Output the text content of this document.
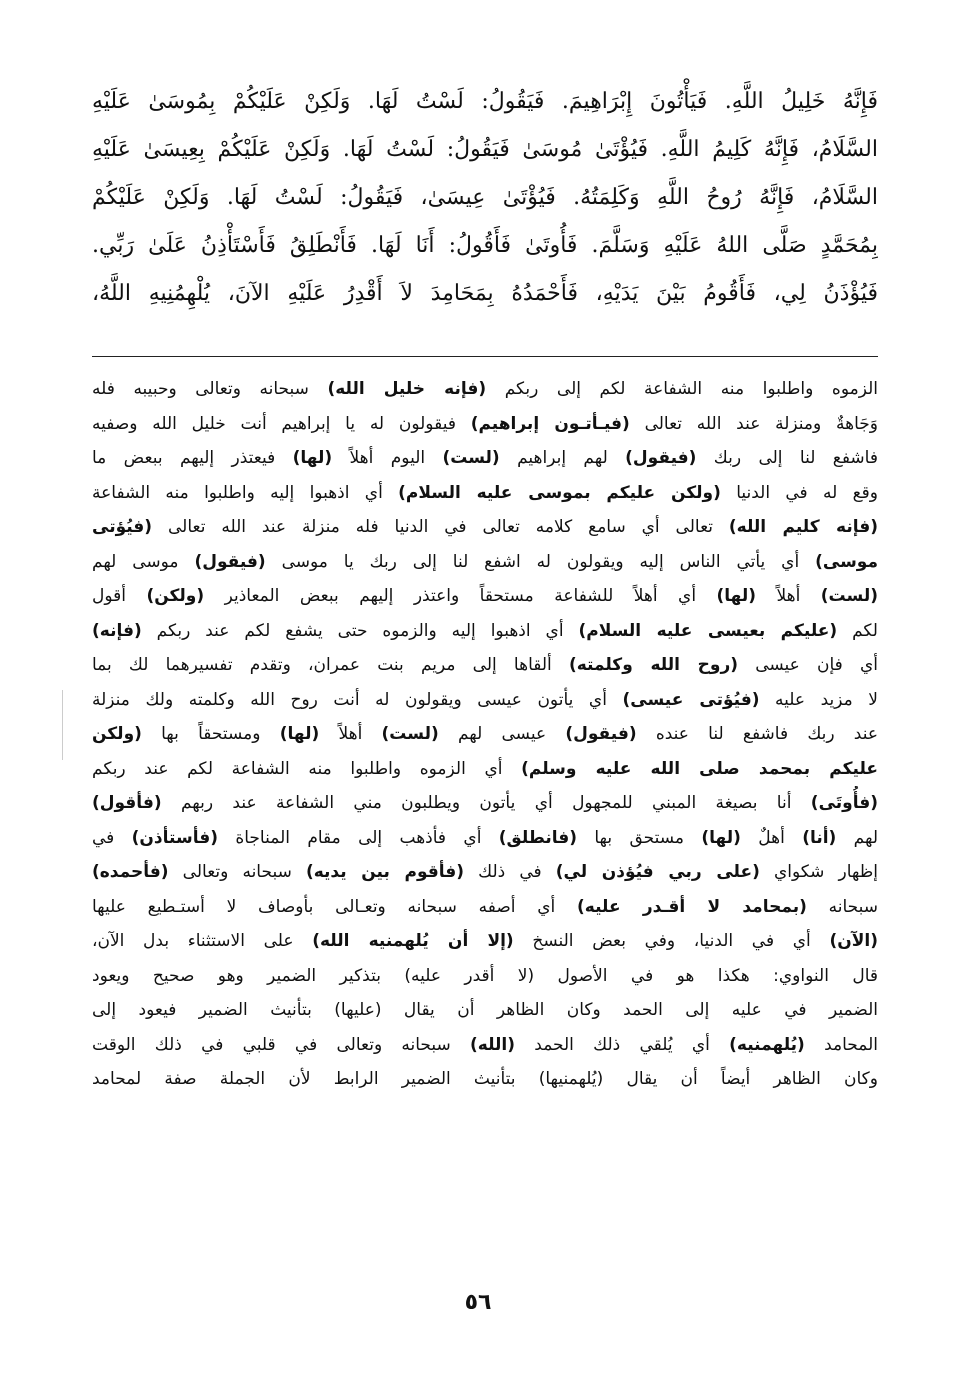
فَإِنَّهُ خَلِيلُ اللَّهِ. فَيَأْتُونَ إِبْرَاهِيمَ. فَيَقُولُ: لَسْتُ لَهَا. وَلَكِنْ عَلَيْكُمْ بِمُوسَىٰ عَلَيْهِ
السَّلَامُ، فَإِنَّهُ كَلِيمُ اللَّهِ. فَيُؤْتَىٰ مُوسَىٰ فَيَقُولُ: لَسْتُ لَهَا. وَلَكِنْ عَلَيْكُمْ بِعِيسَىٰ عَلَيْهِ
السَّلَامُ، فَإِنَّهُ رُوحُ اللَّهِ وَكَلِمَتُهُ. فَيُؤْتَىٰ عِيسَىٰ، فَيَقُولُ: لَسْتُ لَهَا. وَلَكِنْ عَلَيْكُمْ
بِمُحَمَّدٍ صَلَّى اللهُ عَلَيْهِ وَسَلَّمَ. فَأُوتَىٰ فَأَقُولُ: أَنَا لَهَا. فَأَنْطَلِقُ فَأَسْتَأْذِنُ عَلَىٰ رَبِّي.
فَيُؤْذَنُ لِي، فَأَقُومُ بَيْنَ يَدَيْهِ، فَأَحْمَدُهُ بِمَحَامِدَ لاَ أَقْدِرُ عَلَيْهِ الآنَ، يُلْهِمُنِيهِ اللَّهُ،
الزموه واطلبوا منه الشفاعة لكم إلى ربكم (فإنه خليل الله) سبحانه وتعالى وحبيبه فله
وَجَاهةٌ ومنزلة عند الله تعالى (فيـأتـون إبراهيم) فيقولون له يا إبراهيم أنت خليل الله وصفيه
فاشفع لنا إلى ربك (فيقول) لهم إبراهيم (لست) اليوم أهلاً (لها) فيعتذر إليهم ببعض ما
وقع له في الدنيا (ولكن عليكم بموسى عليه السلام) أي اذهبوا إليه واطلبوا منه الشفاعة
(فإنه كليم الله) تعالى أي سامع كلامه تعالى في الدنيا فله منزلة عند الله تعالى (فيُؤتى
موسى) أي يأتي الناس إليه ويقولون له اشفع لنا إلى ربك يا موسى (فيقول) موسى لهم
(لست) أهلاً (لها) أي أهلاً للشفاعة مستحقاً واعتذر إليهم ببعض المعاذير (ولكن) أقول
لكم (عليكم بعيسى عليه السلام) أي اذهبوا إليه والزموه حتى يشفع لكم عند ربكم (فإنه)
أي فإن عيسى (روح الله وكلمته) ألقاها إلى مريم بنت عمران، وتقدم تفسيرهما لك بما
لا مزيد عليه (فيُؤتى عيسى) أي يأتون عيسى ويقولون له أنت روح الله وكلمته ولك منزلة
عند ربك فاشفع لنا عنده (فيقول) عيسى لهم (لست) أهلاً (لها) ومستحقاً بها (ولكن
عليكم بمحمد صلى الله عليه وسلم) أي الزموه واطلبوا منه الشفاعة لكم عند ربكم
(فأُوتَى) أنا بصيغة المبني للمجهول أي يأتون ويطلبون مني الشفاعة عند ربهم (فأقول)
لهم (أنا) أهلٌ (لها) مستحق بها (فانطلق) أي فأذهب إلى مقام المناجاة (فأستأذن) في
إظهار شكواي (على ربي فيُؤذن لي) في ذلك (فأقوم بين يديه) سبحانه وتعالى (فأحمده)
سبحانه (بمحامد لا أقـدر عليه) أي أصفه سبحانه وتعـالى بأوصاف لا أستـطيع عليها
(الآن) أي في الدنيا، وفي بعض النسخ (إلا أن يُلهمنيه الله) على الاستثناء بدل الآن،
قال النواوي: هكذا هو في الأصول (لا أقدر عليه) بتذكير الضمير وهو صحيح ويعود
الضمير في عليه إلى الحمد وكان الظاهر أن يقال (عليها) بتأنيث الضمير فيعود إلى
المحامد (يُلهمنيه) أي يُلقي ذلك الحمد (الله) سبحانه وتعالى في قلبي في ذلك الوقت
وكان الظاهر أيضاً أن يقال (يُلهمنيها) بتأنيث الضمير الرابط لأن الجملة صفة لمحامد
٥٦
